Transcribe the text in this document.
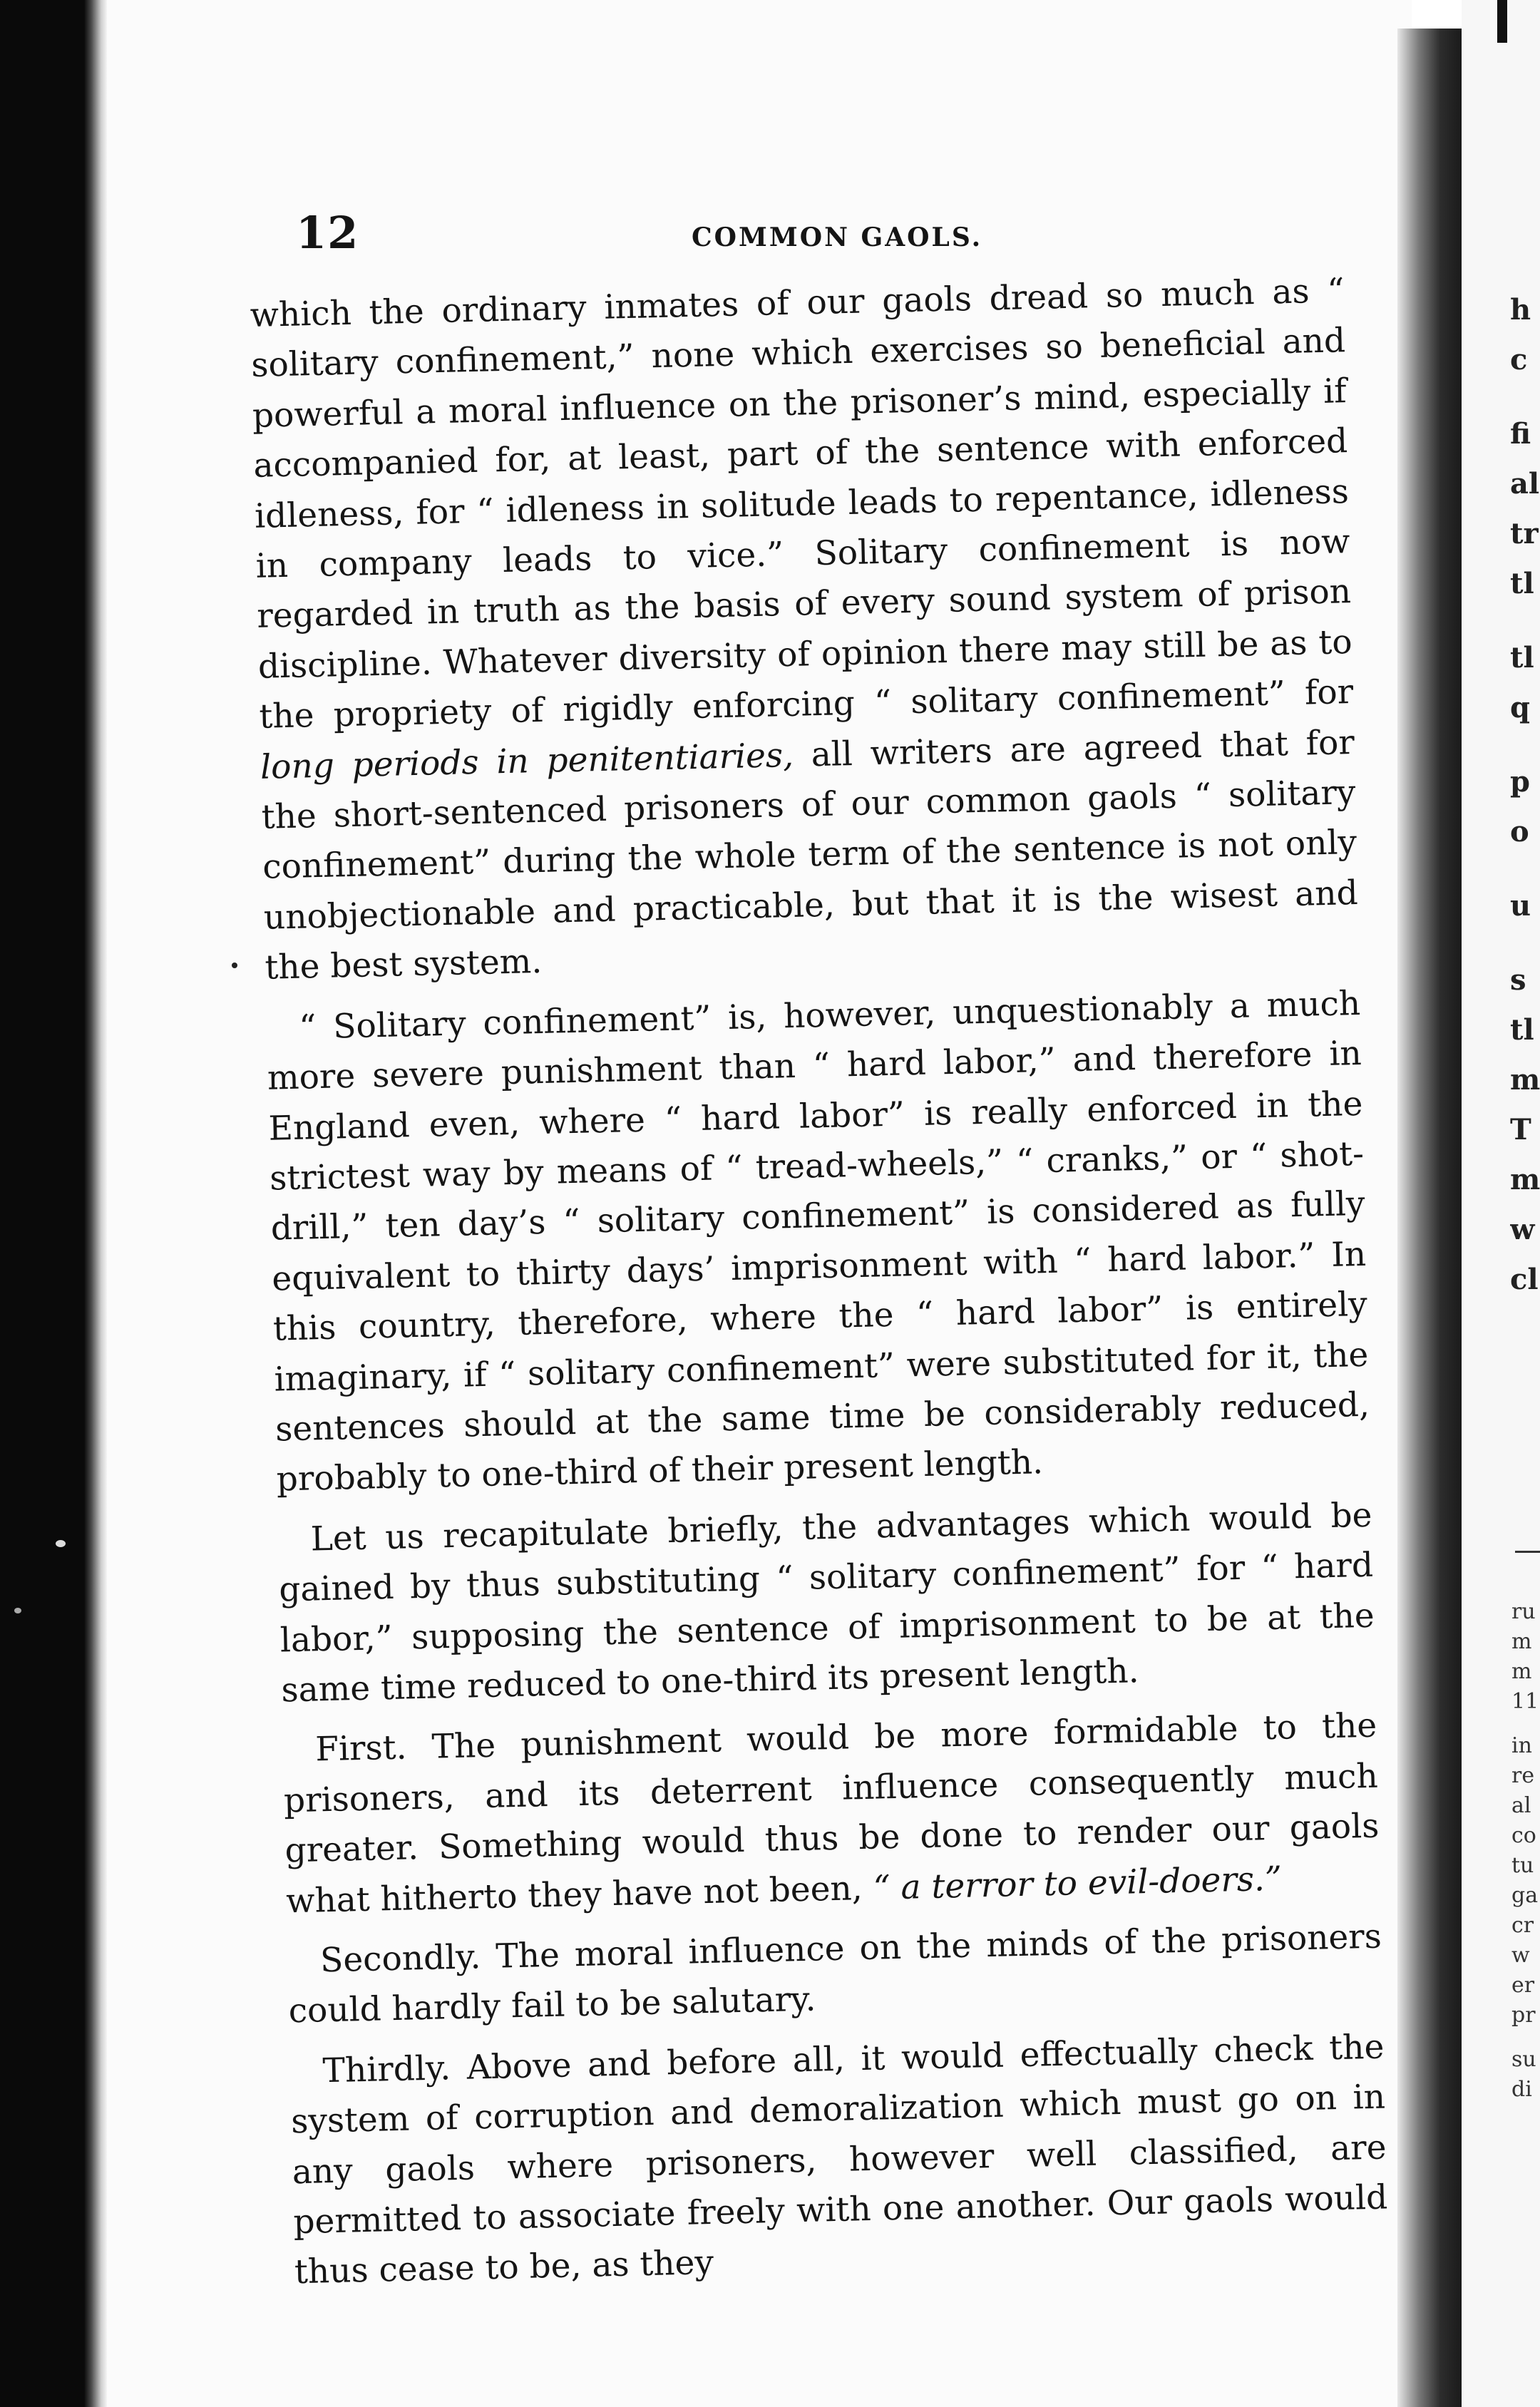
12	COMMON GAOLS.

which the ordinary inmates of our gaols dread so much as “ solitary confinement,” none which exercises so beneficial and powerful a moral influence on the prisoner’s mind, especially if accompanied for, at least, part of the sentence with enforced idleness, for “ idleness in solitude leads to repentance, idleness in company leads to vice.” Solitary confinement is now regarded in truth as the basis of every sound system of prison discipline. Whatever diversity of opinion there may still be as to the propriety of rigidly enforcing “ solitary confinement” for long periods in penitentiaries, all writers are agreed that for the short-sentenced prisoners of our common gaols “ solitary confinement” during the whole term of the sentence is not only unobjectionable and practicable, but that it is the wisest and the best system.

“ Solitary confinement” is, however, unquestionably a much more severe punishment than “ hard labor,” and therefore in England even, where “ hard labor” is really enforced in the strictest way by means of “ tread-wheels,” “ cranks,” or “ shot-drill,” ten day’s “ solitary confinement” is considered as fully equivalent to thirty days’ imprisonment with “ hard labor.” In this country, therefore, where the “ hard labor” is entirely imaginary, if “ solitary confinement” were substituted for it, the sentences should at the same time be considerably reduced, probably to one-third of their present length.

Let us recapitulate briefly, the advantages which would be gained by thus substituting “ solitary confinement” for “ hard labor,” supposing the sentence of imprisonment to be at the same time reduced to one-third its present length.

First. The punishment would be more formidable to the prisoners, and its deterrent influence consequently much greater. Something would thus be done to render our gaols what hitherto they have not been, “ a terror to evil-doers.”

Secondly. The moral influence on the minds of the prisoners could hardly fail to be salutary.

Thirdly. Above and before all, it would effectually check the system of corruption and demoralization which must go on in any gaols where prisoners, however well classified, are permitted to associate freely with one another. Our gaols would thus cease to be, as they

h
c
fi
al
tr
tl
tl
q
p
o
u
s
tl
m
T
m
w
cl
ru
m
m
11
in
re
al
co
tu
ga
cr
w
er
pr
su
di
